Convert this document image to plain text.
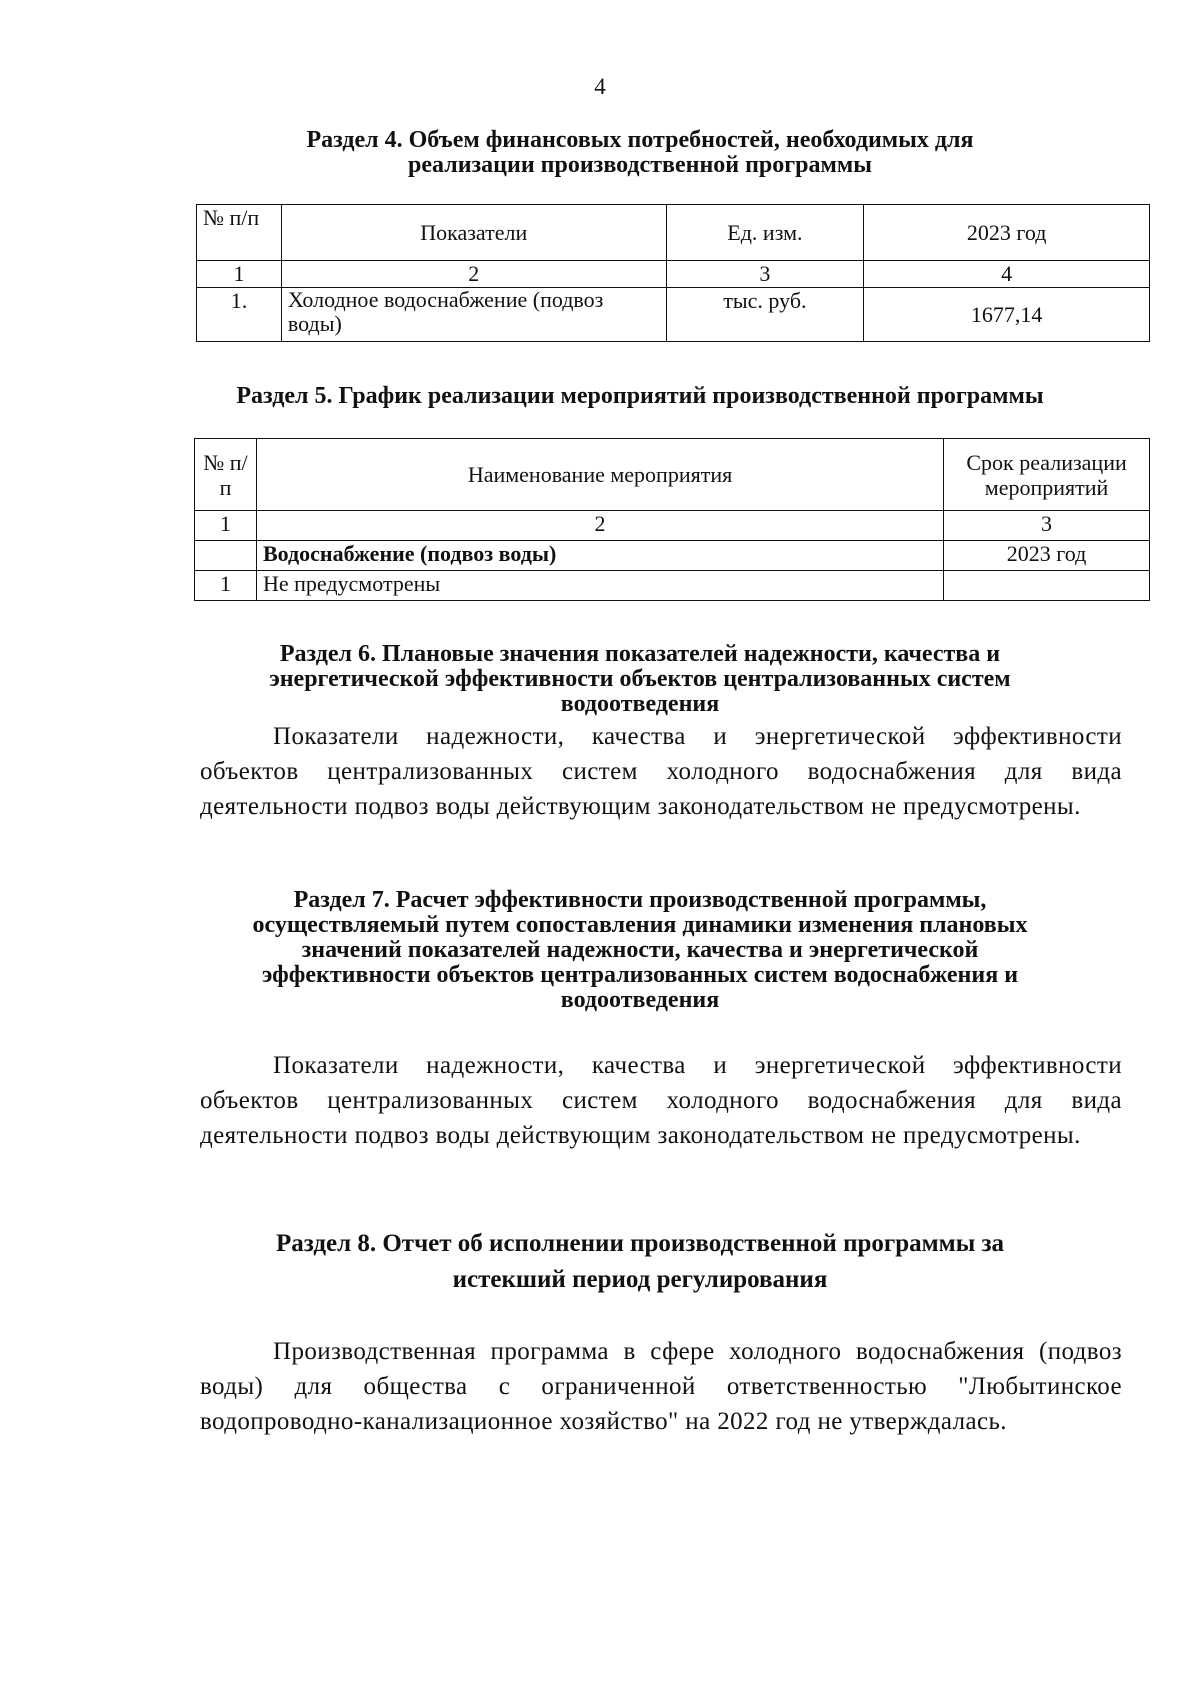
4
Раздел 4. Объем финансовых потребностей, необходимых для
реализации производственной программы
№ п/п	Показатели	Ед. изм.	2023 год
1	2	3	4
1.	Холодное водоснабжение (подвоз воды)	тыс. руб.	1677,14
Раздел 5. График реализации мероприятий производственной программы
№ п/п	Наименование мероприятия	Срок реализации мероприятий
1	2	3
	Водоснабжение (подвоз воды)	2023 год
1	Не предусмотрены	
Раздел 6. Плановые значения показателей надежности, качества и
энергетической эффективности объектов централизованных систем
водоотведения

Показатели надежности, качества и энергетической эффективности объектов централизованных систем холодного водоснабжения для вида деятельности подвоз воды действующим законодательством не предусмотрены.

Раздел 7. Расчет эффективности производственной программы,
осуществляемый путем сопоставления динамики изменения плановых
значений показателей надежности, качества и энергетической
эффективности объектов централизованных систем водоснабжения и
водоотведения

Показатели надежности, качества и энергетической эффективности объектов централизованных систем холодного водоснабжения для вида деятельности подвоз воды действующим законодательством не предусмотрены.

Раздел 8. Отчет об исполнении производственной программы за
истекший период регулирования

Производственная программа в сфере холодного водоснабжения (подвоз воды) для общества с ограниченной ответственностью "Любытинское водопроводно-канализационное хозяйство" на 2022 год не утверждалась.
